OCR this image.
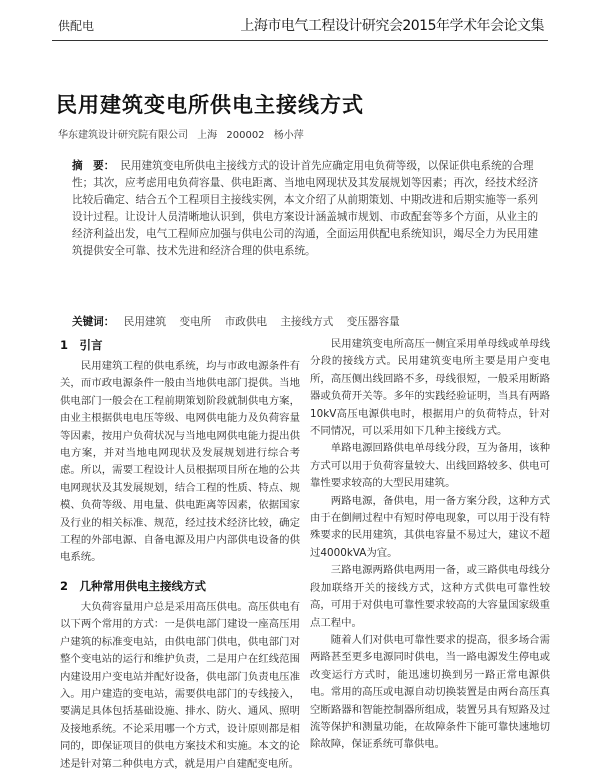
供配电	上海市电气工程设计研究会2015年学术年会论文集
民用建筑变电所供电主接线方式
华东建筑设计研究院有限公司 上海 200002 杨小萍
摘　要： 民用建筑变电所供电主接线方式的设计首先应确定用电负荷等级，以保证供电系统的合理性；其次，应考虑用电负荷容量、供电距离、当地电网现状及其发展规划等因素；再次，经技术经济比较后确定、结合五个工程项目主接线实例，本文介绍了从前期策划、中期改进和后期实施等一系列设计过程。让设计人员清晰地认识到，供电方案设计涵盖城市规划、市政配套等多个方面，从业主的经济利益出发，电气工程师应加强与供电公司的沟通，全面运用供配电系统知识，竭尽全力为民用建筑提供安全可靠、技术先进和经济合理的供电系统。
关键词： 民用建筑 变电所 市政供电 主接线方式 变压器容量
1　引言

民用建筑工程的供电系统，均与市政电源条件有关，而市政电源条件一般由当地供电部门提供。当地供电部门一般会在工程前期策划阶段就制供电方案，由业主根据供电电压等级、电网供电能力及负荷容量等因素，按用户负荷状况与当地电网供电能力提出供电方案，并对当地电网现状及发展规划进行综合考虑。所以，需要工程设计人员根据项目所在地的公共电网现状及其发展规划，结合工程的性质、特点、规模、负荷等级、用电量、供电距离等因素，依据国家及行业的相关标准、规范，经过技术经济比较，确定工程的外部电源、自备电源及用户内部供电设备的供电系统。

2　几种常用供电主接线方式

大负荷容量用户总是采用高压供电。高压供电有以下两个常用的方式：一是供电部门建设一座高压用户建筑的标准变电站，由供电部门供电，供电部门对整个变电站的运行和维护负责，二是用户在红线范围内建设用户变电站并配好设备，供电部门负责电压准入。用户建造的变电站，需要供电部门的专线接入，要满足具体包括基础设施、排水、防火、通风、照明及接地系统。不论采用哪一个方式，设计原则都是相同的，即保证项目的供电方案技术和实施。本文的论述是针对第二种供电方式，就是用户自建配变电所。

民用建筑变电所高压一侧宜采用单母线或单母线分段的接线方式。民用建筑变电所主要是用户变电所，高压侧出线回路不多，母线很短，一般采用断路器或负荷开关等。多年的实践经验证明，当具有两路10kV高压电源供电时，根据用户的负荷特点，针对不同情况，可以采用如下几种主接线方式。

单路电源回路供电单母线分段，互为备用，该种方式可以用于负荷容量较大、出线回路较多、供电可靠性要求较高的大型民用建筑。

两路电源，备供电，用一备方案分段，这种方式由于在倒闸过程中有短时停电现象，可以用于没有特殊要求的民用建筑，其供电容量不易过大，建议不超过4000kVA为宜。

三路电源两路供电两用一备，或三路供电母线分段加联络开关的接线方式，这种方式供电可靠性较高，可用于对供电可靠性要求较高的大容量国家级重点工程中。

随着人们对供电可靠性要求的提高，很多场合需两路甚至更多电源同时供电，当一路电源发生停电或改变运行方式时，能迅速切换到另一路正常电源供电。常用的高压或电源自动切换装置是由两台高压真空断路器和智能控制器所组成，装置另具有短路及过流等保护和测量功能，在故障条件下能可靠快速地切除故障，保证系统可靠供电。
